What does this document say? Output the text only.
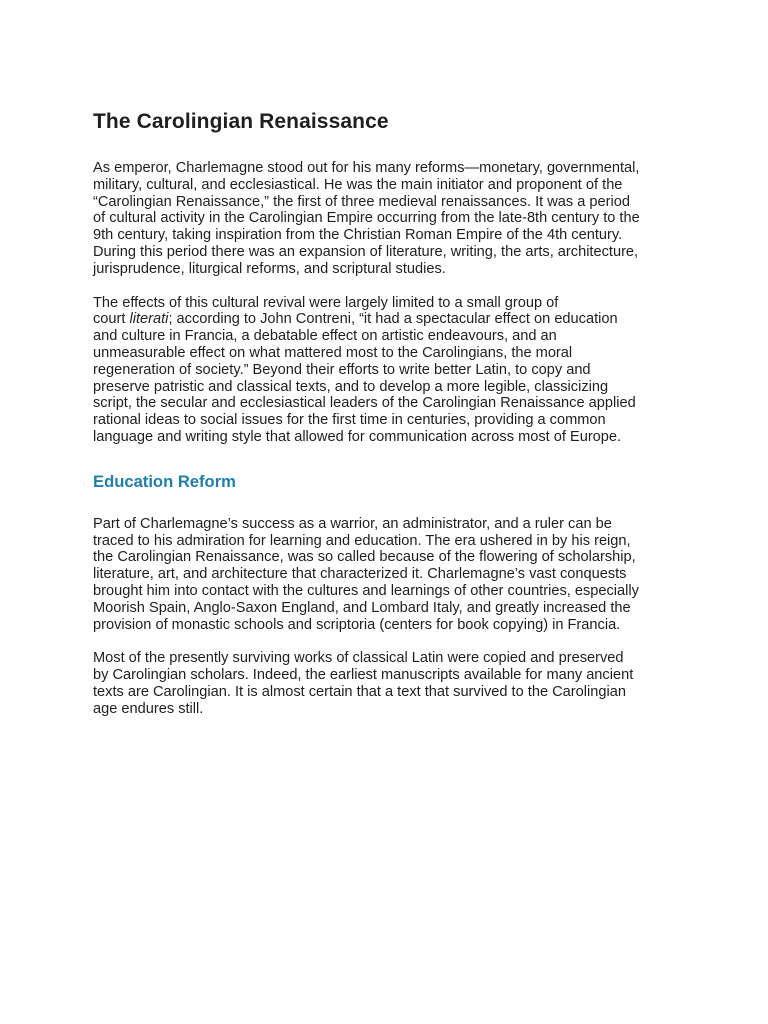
The Carolingian Renaissance

As emperor, Charlemagne stood out for his many reforms—monetary, governmental,
military, cultural, and ecclesiastical. He was the main initiator and proponent of the
“Carolingian Renaissance,” the first of three medieval renaissances. It was a period
of cultural activity in the Carolingian Empire occurring from the late-8th century to the
9th century, taking inspiration from the Christian Roman Empire of the 4th century.
During this period there was an expansion of literature, writing, the arts, architecture,
jurisprudence, liturgical reforms, and scriptural studies.

The effects of this cultural revival were largely limited to a small group of
court literati; according to John Contreni, “it had a spectacular effect on education
and culture in Francia, a debatable effect on artistic endeavours, and an
unmeasurable effect on what mattered most to the Carolingians, the moral
regeneration of society.” Beyond their efforts to write better Latin, to copy and
preserve patristic and classical texts, and to develop a more legible, classicizing
script, the secular and ecclesiastical leaders of the Carolingian Renaissance applied
rational ideas to social issues for the first time in centuries, providing a common
language and writing style that allowed for communication across most of Europe.

Education Reform

Part of Charlemagne’s success as a warrior, an administrator, and a ruler can be
traced to his admiration for learning and education. The era ushered in by his reign,
the Carolingian Renaissance, was so called because of the flowering of scholarship,
literature, art, and architecture that characterized it. Charlemagne’s vast conquests
brought him into contact with the cultures and learnings of other countries, especially
Moorish Spain, Anglo-Saxon England, and Lombard Italy, and greatly increased the
provision of monastic schools and scriptoria (centers for book copying) in Francia.

Most of the presently surviving works of classical Latin were copied and preserved
by Carolingian scholars. Indeed, the earliest manuscripts available for many ancient
texts are Carolingian. It is almost certain that a text that survived to the Carolingian
age endures still.
